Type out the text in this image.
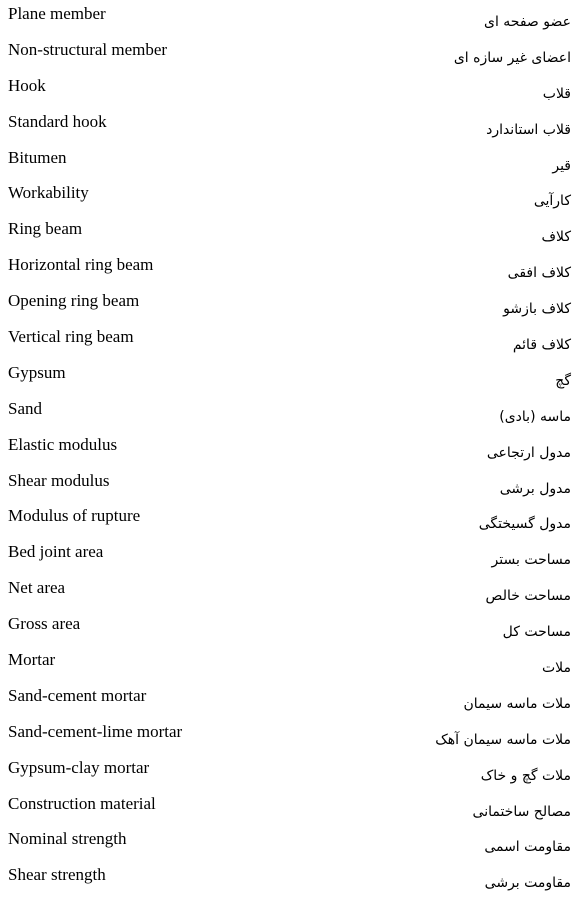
Plane member	عضو صفحه ای
Non-structural member	اعضای غیر سازه ای
Hook	قلاب
Standard hook	قلاب استاندارد
Bitumen	قیر
Workability	کارآیی
Ring beam	کلاف
Horizontal ring beam	کلاف افقی
Opening ring beam	کلاف بازشو
Vertical ring beam	کلاف قائم
Gypsum	گچ
Sand	ماسه (بادی)
Elastic modulus	مدول ارتجاعی
Shear modulus	مدول برشی
Modulus of rupture	مدول گسیختگی
Bed joint area	مساحت بستر
Net area	مساحت خالص
Gross area	مساحت کل
Mortar	ملات
Sand-cement mortar	ملات ماسه سیمان
Sand-cement-lime mortar	ملات ماسه سیمان آهک
Gypsum-clay mortar	ملات گچ و خاک
Construction material	مصالح ساختمانی
Nominal strength	مقاومت اسمی
Shear strength	مقاومت برشی
